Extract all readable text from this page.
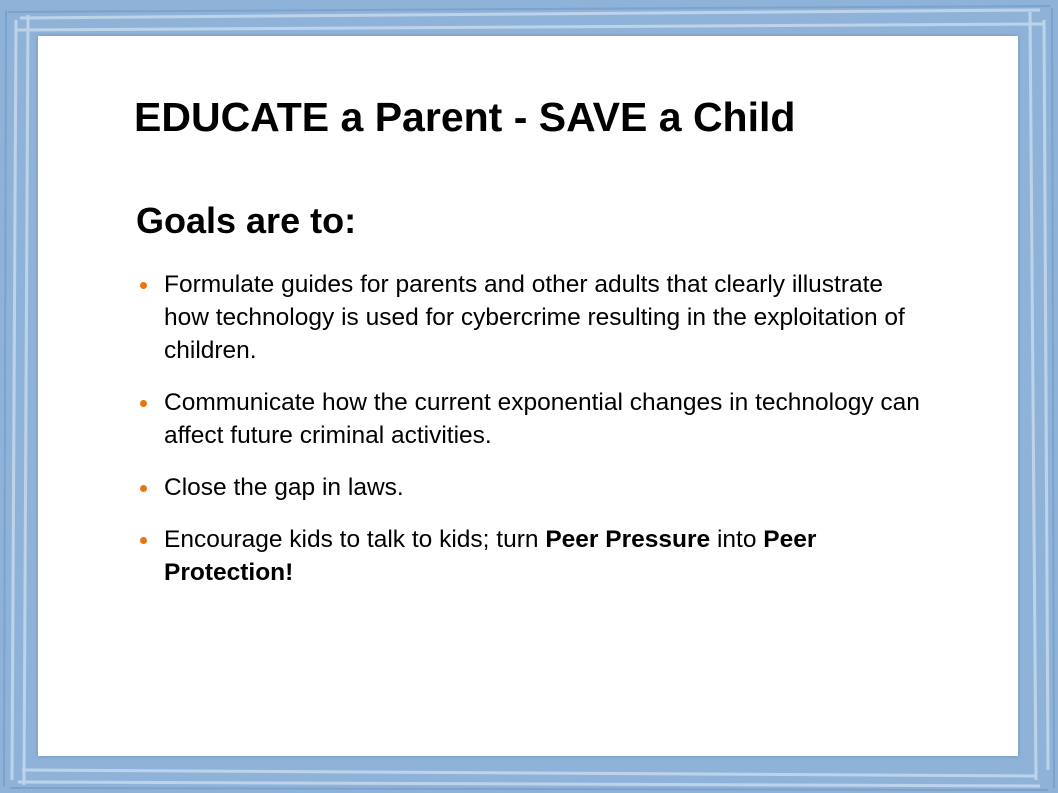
EDUCATE a Parent - SAVE a Child
Goals are to:
Formulate guides for parents and other adults that clearly illustrate how technology is used for cybercrime resulting in the exploitation of children.
Communicate how the current exponential changes in technology can affect future criminal activities.
Close the gap in laws.
Encourage kids to talk to kids; turn Peer Pressure into Peer Protection!
